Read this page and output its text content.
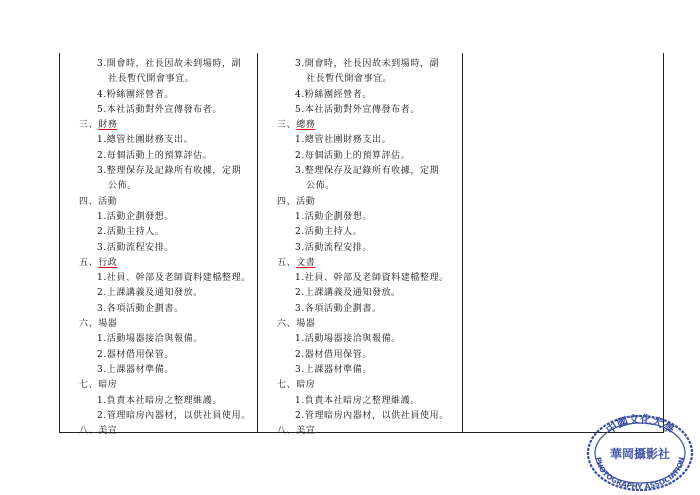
3.開會時，社長因故未到場時，副
社長暫代開會事宜。
4.粉絲團經營者。
5.本社活動對外宣傳發布者。
三、財務
1.總管社團財務支出。
2.每個活動上的預算評估。
3.整理保存及記錄所有收據，定期
公佈。
四、活動
1.活動企劃發想。
2.活動主持人。
3.活動流程安排。
五、行政
1.社員、幹部及老師資料建檔整理。
2.上課講義及通知發放。
3.各項活動企劃書。
六、場器
1.活動場器接洽與報備。
2.器材借用保管。
3.上課器材準備。
七、暗房
1.負責本社暗房之整理維護。
2.管理暗房內器材，以供社員使用。
3.開會時，社長因故未到場時，副
社長暫代開會事宜。
4.粉絲團經營者。
5.本社活動對外宣傳發布者。
三、總務
1.總管社團財務支出。
2.每個活動上的預算評估。
3.整理保存及記錄所有收據，定期
公佈。
四、活動
1.活動企劃發想。
2.活動主持人。
3.活動流程安排。
五、文書
1.社員、幹部及老師資料建檔整理。
2.上課講義及通知發放。
3.各項活動企劃書。
六、場器
1.活動場器接洽與報備。
2.器材借用保管。
3.上課器材準備。
七、暗房
1.負責本社暗房之整理維護。
2.管理暗房內器材，以供社員使用。
中國文化大學
華岡攝影社
PHOTOGRAPHY ASSOCIATION
